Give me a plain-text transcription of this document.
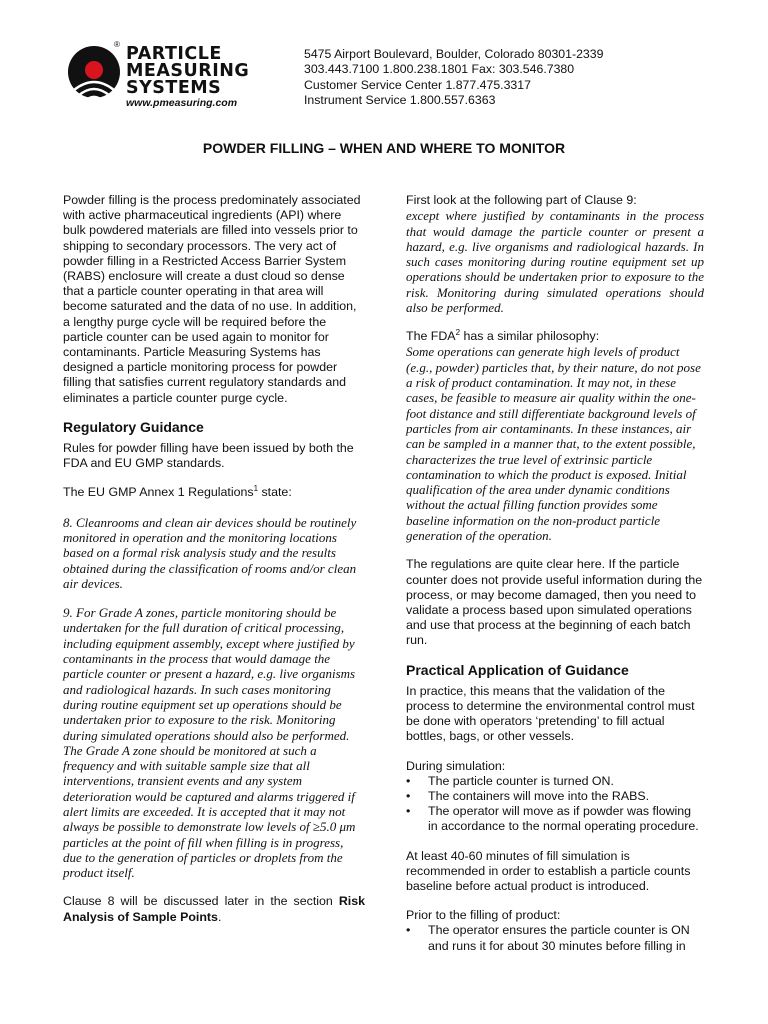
® PARTICLE
MEASURING
SYSTEMS
www.pmeasuring.com
5475 Airport Boulevard, Boulder, Colorado 80301-2339
303.443.7100 1.800.238.1801 Fax: 303.546.7380
Customer Service Center 1.877.475.3317
Instrument Service 1.800.557.6363
POWDER FILLING – WHEN AND WHERE TO MONITOR

Powder filling is the process predominately associated with active pharmaceutical ingredients (API) where bulk powdered materials are filled into vessels prior to shipping to secondary processors. The very act of powder filling in a Restricted Access Barrier System (RABS) enclosure will create a dust cloud so dense that a particle counter operating in that area will become saturated and the data of no use. In addition, a lengthy purge cycle will be required before the particle counter can be used again to monitor for contaminants. Particle Measuring Systems has designed a particle monitoring process for powder filling that satisfies current regulatory standards and eliminates a particle counter purge cycle.

Regulatory Guidance

Rules for powder filling have been issued by both the FDA and EU GMP standards.

The EU GMP Annex 1 Regulations$^1$ state:

8. Cleanrooms and clean air devices should be routinely monitored in operation and the monitoring locations based on a formal risk analysis study and the results obtained during the classification of rooms and/or clean air devices.

9. For Grade A zones, particle monitoring should be undertaken for the full duration of critical processing, including equipment assembly, except where justified by contaminants in the process that would damage the particle counter or present a hazard, e.g. live organisms and radiological hazards. In such cases monitoring during routine equipment set up operations should be undertaken prior to exposure to the risk. Monitoring during simulated operations should also be performed. The Grade A zone should be monitored at such a frequency and with suitable sample size that all interventions, transient events and any system deterioration would be captured and alarms triggered if alert limits are exceeded. It is accepted that it may not always be possible to demonstrate low levels of ≥5.0 μm particles at the point of fill when filling is in progress, due to the generation of particles or droplets from the product itself.

Clause 8 will be discussed later in the section Risk Analysis of Sample Points.

First look at the following part of Clause 9:

except where justified by contaminants in the process that would damage the particle counter or present a hazard, e.g. live organisms and radiological hazards. In such cases monitoring during routine equipment set up operations should be undertaken prior to exposure to the risk. Monitoring during simulated operations should also be performed.

The FDA$^2$ has a similar philosophy:

Some operations can generate high levels of product (e.g., powder) particles that, by their nature, do not pose a risk of product contamination. It may not, in these cases, be feasible to measure air quality within the one-foot distance and still differentiate background levels of particles from air contaminants. In these instances, air can be sampled in a manner that, to the extent possible, characterizes the true level of extrinsic particle contamination to which the product is exposed. Initial qualification of the area under dynamic conditions without the actual filling function provides some baseline information on the non-product particle generation of the operation.

The regulations are quite clear here. If the particle counter does not provide useful information during the process, or may become damaged, then you need to validate a process based upon simulated operations and use that process at the beginning of each batch run.

Practical Application of Guidance

In practice, this means that the validation of the process to determine the environmental control must be done with operators ‘pretending’ to fill actual bottles, bags, or other vessels.

During simulation:
• The particle counter is turned ON.
• The containers will move into the RABS.
• The operator will move as if powder was flowing in accordance to the normal operating procedure.

At least 40-60 minutes of fill simulation is recommended in order to establish a particle counts baseline before actual product is introduced.

Prior to the filling of product:
• The operator ensures the particle counter is ON and runs it for about 30 minutes before filling in
